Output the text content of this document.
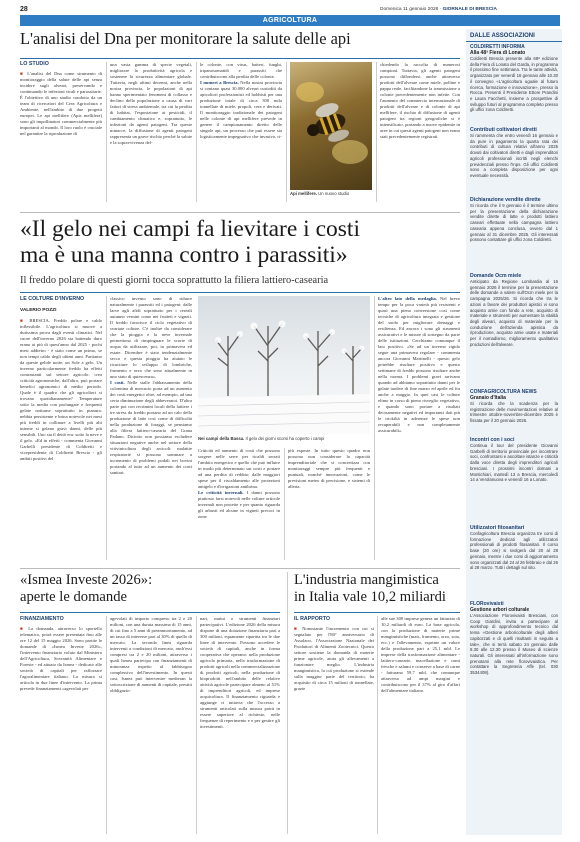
28	Domenica 11 gennaio 2026 · GIORNALE DI BRESCIA
AGRICOLTURA
L'analisi del Dna per monitorare la salute delle api
LO STUDIO
■ L'analisi del Dna come strumento di monitoraggio della salute delle api senza incidere sugli alveari, preservando e continuando le infezioni virali e parassitarie. È l'obiettivo di uno studio condotto da un team di ricercatori del Crea Agricoltura e Ambiente, nell'ambito di due progetti europei. Le api mellifere (Apis mellifera) sono gli impollinatori commercialmente più importanti al mondo. Il loro ruolo è cruciale nel garantire la riproduzione di
una vasta gamma di specie vegetali, migliorare la produttività agricola e sostenere la sicurezza alimentare globale. Tuttavia, negli ultimi decenni, anche nella nostra provincia, le popolazioni di api hanno sperimentato fenomeni di collasso e declino della popolazione a causa di vari fattori di stress ambientale, tra cui la perdita di habitat, l'esposizione ai pesticidi, il cambiamento climatico e, soprattutto, le infezioni da agenti patogeni. Tra queste minacce, la diffusione di agenti patogeni rappresenta un grave rischio perché la salute e la sopravvivenza del-
le colonie, con virus, batteri, funghi, tripanosomatidi e parassiti che contribuiscono alla perdita delle colonie.
I numeri a Brescia. Nella nostra provincia si contano quasi 30.000 alveari custoditi da apicoltori professionisti ed hobbisti per una produzione totale di circa 300 mila tonnellate di miele, propoli, cera e derivati. Il monitoraggio tradizionale dei patogeni nelle colonie di api mellifere prevede in genere il campionamento diretto delle singole api, un processo che può essere sia logisticamente impegnativo che invasivo, ri-
Api mellifere. Un nuovo studio
chiedendo la raccolta di numerosi campioni. Tuttavia, gli agenti patogeni possono diffondersi anche attraverso prodotti dell'alveare come miele, polline e pappa reale, facilitandone la trasmissione a colonie precedentemente non infette. Con l'aumento del commercio internazionale di prodotti dell'alveare e di colonie di api mellifere, il rischio di diffusione di agenti patogeni tra regioni geografiche si è intensificato, portando a nuove epidemie in aree in cui questi agenti patogeni non erano stati precedentemente registrati.
«Il gelo nei campi fa lievitare i costi
ma è una manna contro i parassiti»
Il freddo polare di questi giorni tocca soprattutto la filiera lattiero-casearia
LE COLTURE D'INVERNO
VALERIO POZZI
■ BRESCIA. Freddo polare e caldo inflessibile. L'agricoltura si muove a dutissima prova dagli eventi climatici. Nel cuore dell'inverno 2026 sta battendo duro erano ai più di quest'anno dal 2025 - pochi mesi addietro - è stato come un primo, se non tempi caldo degli ultimi anni. Partiamo da queste gelide notte, un Sole a gelo. Un inverno particolarmente freddo ha effetti contrastanti sul settore agricolo: crea criticità agronomiche, dall'altro, può portare benefici agronomici di medio periodo. Quale è il quadro che gli agricoltori si trovano quotidianamente? Temperature sotto la media con prolungate e frequenti gelate notturne soprattutto in pianura: nebbia persistente e brina notevole nei mesi più freddi in collinare a livelli più alti interne si gelano gravi danni, delle più sensibili. Uno sta il dettò era: sotto la neve e il gelo. «Ed in effetti - commenta Giovanni Garbelli presidente di Coldiretti e vicepresidente di Coldiretti Brescia - gli ambiti positivi del
classico inverno sono di ridurre naturalmente i parassiti ed i patogeni: dalle larve agli afidi soprattutto per i cereali autunno vernini come nei frutteti e vigneti. Il freddo favorisce il ciclo vegetativo di svariate colture. C'è inoltre da considerare che la pioggia e la neve invernale permettono di rimpinguare le scorte di acqua da utilizzare, poi, in primavera ed estate. Dicembre è stato tendenzialmente secco e questa pioggia ha aiutato le ricuciture lo sviluppo di lombriche, frumento e orzo che sono attualmente in uno stato di quiescenza».
I costi. Nelle stalle l'abbassamento della colonnina di mercurio porta ad un aumento dei costi energetici oltre, ad esempio, ad una certa diminuzione degli abbeveratoi. D'altra parte poi con recrimini locali della lattiere i tre stress da freddo portano ad un calo della produzione di latte così come di difficoltà nella produzione di foraggi, se pensiamo alla filiera lattiero-casearia del Grana Padano. Diciotto non possiamo escludere situazioni negative anche nel settore della vitivinicoltura degli arcicoli: malattie respiratorie si possono sommare a incremento di problemi podali nei bovini portando al tutto ad un aumento dei costi sanitari.
Nei campi della Bassa. Il gelo dei giorni scorsi ha coperto i campi
Criticità ed aumento di costi che possono sorgere nelle serre per ricaldi serrati l'ambito energetico e quello che può influire in modo più determinato sui costi e portare ad una perdita di reddito; dalle maggiori spese per il riscaldamento alle protezioni antigelo e d'irrigazioni antibrina.
Le criticità invernali. I danni possono piuttosto farsi notevoli nelle colture orticole invernali non protette e per quanto riguarda gli arbusti ed alcune in vigneti precoci in zone
più esposte. In tutto questo quadro non possono non considerare la capacità imprenditoriale che si concretizza con monitoraggi sempre più frequenti e puntuali, nonché innovazioni, come le previsioni meteo di precisione, e sistemi di allerta.
L'altro lato della medaglia. Nel breve tempo per la poca varietà più resistenti e quasi una piena conversione così come tecniche di agricoltura integrata e gestione del suolo per migliorare drenaggi e resilienza. Ed ancora i sono gli strumenti assicurativi e le misure di sostegno da parte delle istituzioni. Cerchiamo comunque il lato positivo. «Se ad un inverno rigido segue una primavera regolare - commenta ancora Giovanni Martinelli - questo gelo potrebbe risultare positivo e questo settimane di freddo possono risultare anche nella norma. I problemi gravi arrivano quando ad abbiamo soprattutto danni per le gelate tardive di fine marzo ed aprile ed fra anche a maggio. In quei casi le colture elimo in corso di pieno risveglio vegetativo, e quando sono portare a risultati decisamente negativi ed importanti dati più le trickiltà in aderenze le spese non recuperabili e non completamente assicurabili».
«Ismea Investe 2026»:
aperte le domande
FINANZIAMENTO
■ La domanda, attraverso lo sportello telematico, potrà essere presentata fino alle ore 12 del 15 maggio 2026. Sono partite le domande di «Ismea Investe 2026», l'intervento finanziario voluto dal Ministero dell'Agricoltura, Sovranità Alimentare e Foreste - ed attuato da Ismea - dedicato alle società di capitali per rafforzare l'agroalimentare italiano. La misura si articola in due linee d'intervento. La prima prevede finanziamenti «agevolati per
agevolati di importo compreso tra 2 e 20 milioni, con una durata massima di 15 anni, di cui fino a 5 anni di preammortamento, ad un tasso di interesse pari al 30% di quello di mercato. La seconda linea riguarda interventi a condizioni di mercato, anch'essi compresi tra 2 e 20 milioni, attraverso i quali Ismea partecipa con finanziamenti di minoranza rispetto al fabbisogno complessivo dell'investimento. In questi casi, Ismea può intervenire medieran la sottoscrizione di aumenti di capitale, prestiti obbligazio-
nari, mutui o strumenti finanziari partecipativi. L'edizione 2026 della misura dispone di una dotazione finanziaria pari a 300 milioni, equamente ripartita tra le due linee di intervento. Possono accedere le società di capitali, anche in forma cooperativa che operano: nella produzione agricola primaria, nella trasformazione di prodotti agricoli nella commercializzazione di prodotti agricoli; nella produzione di bioprodotti nell'ambito delle relative attività agricole partecipare almeno al 51% di imprenditori agricoli, ed imprese acquicoltura. Il finanziamento riguarda e aggiunge ci tuttavia che l'accesso a strumenti articolati sulla misura potrà in essere superiore al richiesto, nelle frequenze di reperimento e e per gestire gli investimenti.
L'industria mangimistica
in Italia vale 10,2 miliardi
IL RAPPORTO
■ Nonostante l'incremento con cui si segnalato per l'80° anniversario di Assalzoo, l'Associazione Nazionale dei Produttori di Alimenti Zootecnici. Questo settore sostiene la domanda di materie prime agricole, aiuta gli allevamenti a funzionare meglio. L'industria mangimistica, la cui produzione si estende sulla maggior parte del territorio, ha acquisito di circa 15 milioni di tonnellate, grazie
alle sue 300 imprese genera un fatturato di 10,2 miliardi di euro. La base agricola, con la produzione di materie prime mangimistiche (mais, frumento, orzo, soia, ecc.) e l'allevamento, esprime un valore della produzione pari a 25,1 mld. Le imprese della trasformazione alimentare - lattiero-casearie, macellazione e carni fresche e salumi e conserve a base di carne - fatturano 59,7 mld, che comunque attraverso ad ampi margini e contribuiscono per il 37% al giro d'affari dell'alimentare italiano.
DALLE ASSOCIAZIONI
COLDIRETTI INFORMA
Alla 48ª Fiera di Lonato
Coldiretti Brescia presente alla 68ª edizione della Fiera di Lonato del Garda, in programma il prossimo fine settimana. Tra le tante attività, organizzato per venerdì 16 gennaio alle 10.30 il convegno «L'agricoltura uguale al futuro ricerca, formazione e innovazione», presso la Rocca. Presenti il Presidente Ettore Prandini e Laura Facchetti, insieme a prospettive di sviluppo futuri al programma completo presso gli uffici zona Coldiretti.
Contributi coltivatori diretti
Si rammenta che entro venerdì 16 gennaio e da pure in pagamento la quarta rata dei contributi di cultura relativi all'anno 2025 dovuti dai coltivatori diretti e dagli imprenditori agricoli professionali iscritti negli elenchi previdenziali presso l'Inps. Gli uffici Coldiretti sono a completa disposizione per ogni eventuale necessità.
Dichiarazione vendite dirette
Si ricorda che il 9 gennaio è il termine ultimo per la presentazione della dichiarazione vendite dirette di latte e prodotti lattiero caseari effettuate nella campagna lattiero casearia appena conclusa, ovvero dal 1 gennaio al 31 dicembre 2025. Gli interessati possono contattare gli uffici zona Coldiretti.
Domande Ocm miele
Anticipato da Regione Lombardia al 16 gennaio 2026 il termine per la presentazione delle domande a valere sull'Ocm miele per la campagna 2025/26. Si ricorda che tra le azioni a favore dei produttori apistici vi sono acquisto arnie con fondo a rete, acquisto di materiale e strumenti per aumentare la vitalità degli alveari, acquisto di materiale per la conduzione dell'azienda apistica da riproduzione, acquisto arnie usate e materiali per il nomadismo, miglioramento qualitativo produzioni dell'alveare.
CONFAGRICOLTURA NEWS
Granaio d'Italia
Si ricorda che la scadenza per la registrazione delle movimentazioni relative al trimestre ottobre-novembre-dicembre 2025 è fissata per il 20 gennaio 2026.
Incontri con i soci
Continua il tour del presidente Giovanni Garbelli di territorio provinciale per incontrare soci, confrontarsi e ascoltare istanze e criticità dalla voce diretta degli imprenditori agricoli bresciani. I prossimi incontri domani a Montichiari, martedì 13 a Brescia, mercoledì 14 a Verolanuova e venerdì 16 a Lonato.
Utilizzatori fitosanitari
Confagricoltura Brescia organizza tre corsi di formazione dedicati agli utilizzatori professionali di prodotti fitosanitari. Il corso base (20 ore) si svolgerà dal 20 al 28 gennaio, mentre i due corsi di aggiornamento sono organizzati dal 24 al 26 febbraio e dal 26 al 28 marzo. Tutti i dettagli sul sito.
FLORovivaisti
Gestione arbori colturale
L'Associazione Florovivaisti Bresciani, con Coop Giardini, invita a partecipare al workshop di approfondimento tecnico dal tema «Gestione arboricolturale degli alberi capitozzati e di quelli risultanti in seguito a tale», che si terrà sabato 24 gennaio dalle 8.30 alle 12.30 presso il Museo di scienze naturali. Gli interessati all'informazione sono prenotarsi alla rete florovivaistica. Per contattare la Segreteria Affe (tel. 030 3534408).
